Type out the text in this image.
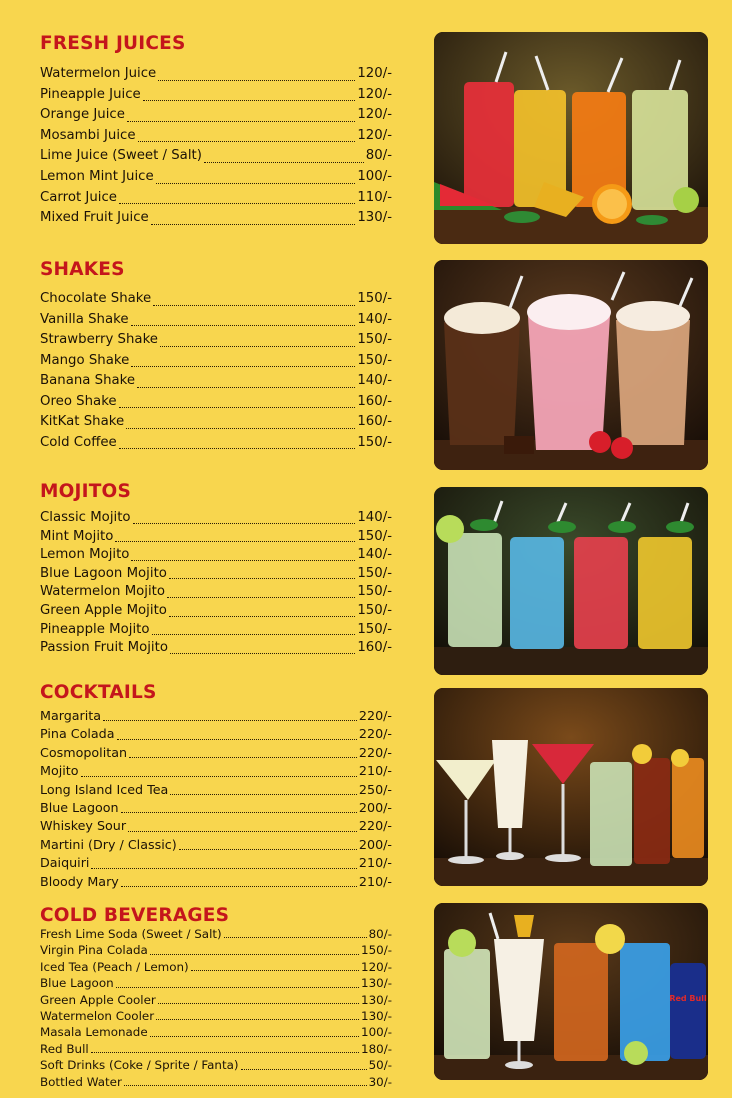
FRESH JUICES
Watermelon Juice	120/-
Pineapple Juice	120/-
Orange Juice	120/-
Mosambi Juice	120/-
Lime Juice (Sweet / Salt)	80/-
Lemon Mint Juice	100/-
Carrot Juice	110/-
Mixed Fruit Juice	130/-
SHAKES
Chocolate Shake	150/-
Vanilla Shake	140/-
Strawberry Shake	150/-
Mango Shake	150/-
Banana Shake	140/-
Oreo Shake	160/-
KitKat Shake	160/-
Cold Coffee	150/-
MOJITOS
Classic Mojito	140/-
Mint Mojito	150/-
Lemon Mojito	140/-
Blue Lagoon Mojito	150/-
Watermelon Mojito	150/-
Green Apple Mojito	150/-
Pineapple Mojito	150/-
Passion Fruit Mojito	160/-
COCKTAILS
Margarita	220/-
Pina Colada	220/-
Cosmopolitan	220/-
Mojito	210/-
Long Island Iced Tea	250/-
Blue Lagoon	200/-
Whiskey Sour	220/-
Martini (Dry / Classic)	200/-
Daiquiri	210/-
Bloody Mary	210/-
COLD BEVERAGES
Fresh Lime Soda (Sweet / Salt)	80/-
Virgin Pina Colada	150/-
Iced Tea (Peach / Lemon)	120/-
Blue Lagoon	130/-
Green Apple Cooler	130/-
Watermelon Cooler	130/-
Masala Lemonade	100/-
Red Bull	180/-
Soft Drinks (Coke / Sprite / Fanta)	50/-
Bottled Water	30/-
Red Bull
